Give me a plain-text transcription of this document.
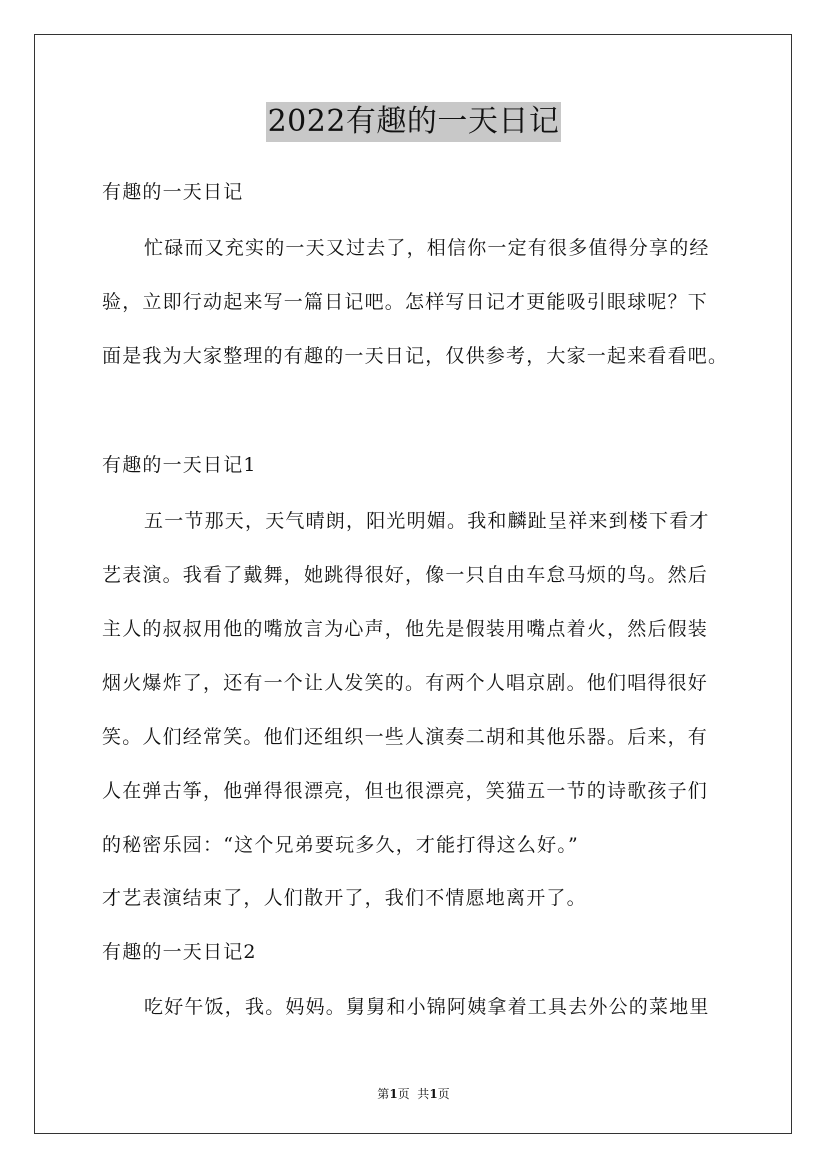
2022有趣的一天日记
有趣的一天日记
忙碌而又充实的一天又过去了，相信你一定有很多值得分享的经
验，立即行动起来写一篇日记吧。怎样写日记才更能吸引眼球呢？下
面是我为大家整理的有趣的一天日记，仅供参考，大家一起来看看吧。
有趣的一天日记1
五一节那天，天气晴朗，阳光明媚。我和麟趾呈祥来到楼下看才
艺表演。我看了戴舞，她跳得很好，像一只自由车怠马烦的鸟。然后
主人的叔叔用他的嘴放言为心声，他先是假装用嘴点着火，然后假装
烟火爆炸了，还有一个让人发笑的。有两个人唱京剧。他们唱得很好
笑。人们经常笑。他们还组织一些人演奏二胡和其他乐器。后来，有
人在弹古筝，他弹得很漂亮，但也很漂亮，笑猫五一节的诗歌孩子们
的秘密乐园：“这个兄弟要玩多久，才能打得这么好。”
才艺表演结束了，人们散开了，我们不情愿地离开了。
有趣的一天日记2
吃好午饭，我。妈妈。舅舅和小锦阿姨拿着工具去外公的菜地里
第1页  共1页
